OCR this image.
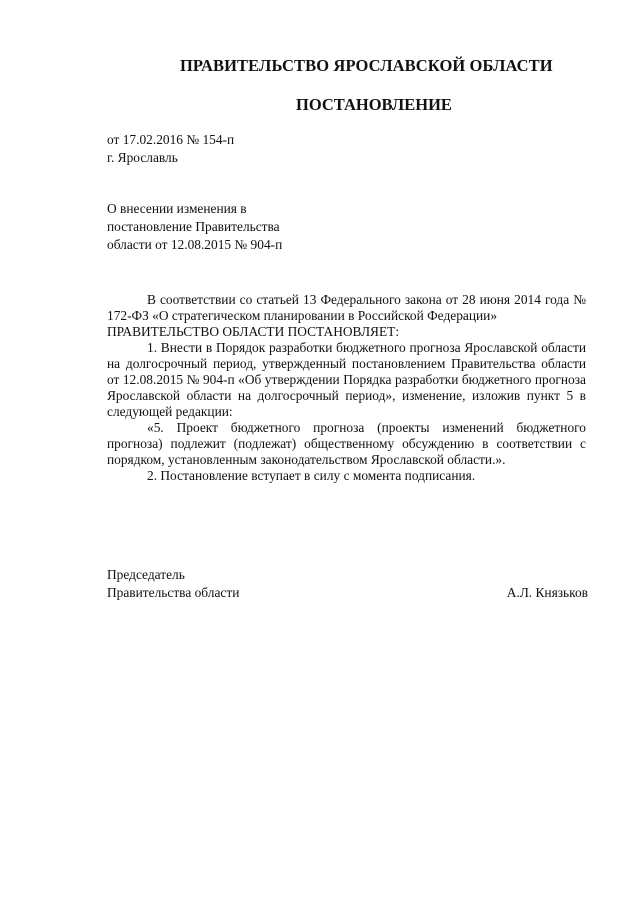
ПРАВИТЕЛЬСТВО ЯРОСЛАВСКОЙ ОБЛАСТИ
ПОСТАНОВЛЕНИЕ
от 17.02.2016 № 154-п
г. Ярославль
О внесении изменения в
постановление Правительства
области от 12.08.2015 № 904-п

В соответствии со статьей 13 Федерального закона от 28 июня 2014 года № 172-ФЗ «О стратегическом планировании в Российской Федерации»

ПРАВИТЕЛЬСТВО ОБЛАСТИ ПОСТАНОВЛЯЕТ:

1. Внести в Порядок разработки бюджетного прогноза Ярославской области на долгосрочный период, утвержденный постановлением Правительства области от 12.08.2015 № 904-п «Об утверждении Порядка разработки бюджетного прогноза Ярославской области на долгосрочный период», изменение, изложив пункт 5 в следующей редакции:

«5. Проект бюджетного прогноза (проекты изменений бюджетного прогноза) подлежит (подлежат) общественному обсуждению в соответствии с порядком, установленным законодательством Ярославской области.».

2. Постановление вступает в силу с момента подписания.

Председатель
Правительства области	А.Л. Князьков
